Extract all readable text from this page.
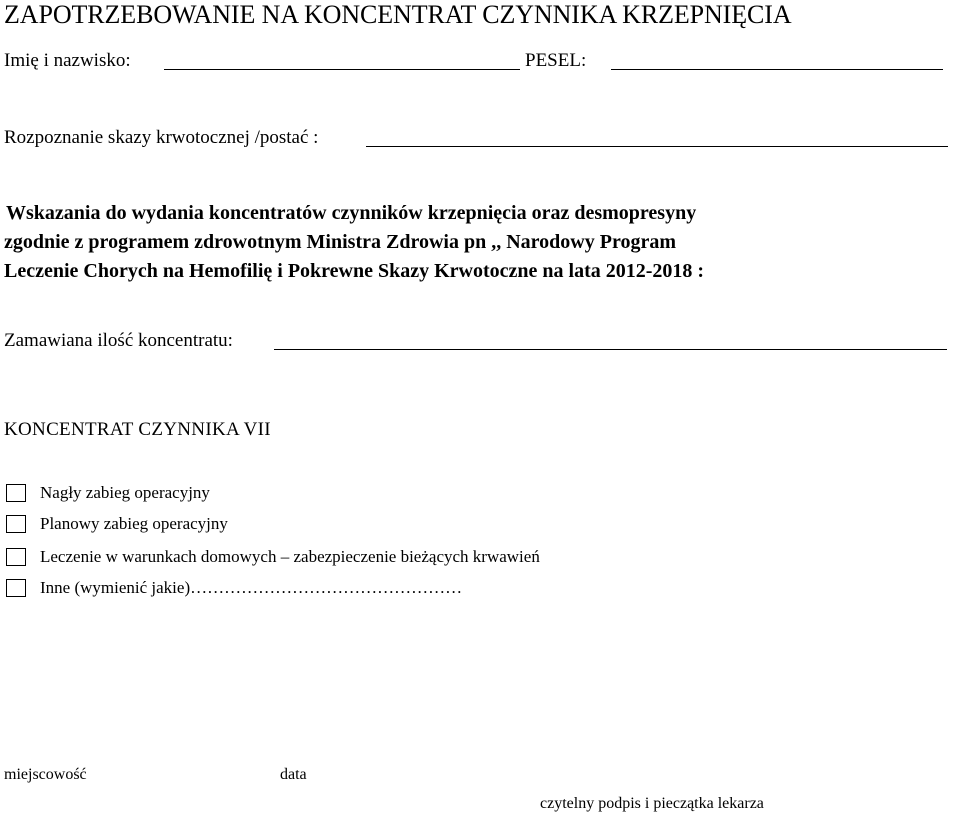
ZAPOTRZEBOWANIE NA KONCENTRAT CZYNNIKA KRZEPNIĘCIA
Imię i nazwisko:	PESEL:
Rozpoznanie skazy krwotocznej /postać :
Wskazania do wydania koncentratów czynników krzepnięcia oraz desmopresyny
zgodnie z programem zdrowotnym Ministra Zdrowia pn ,, Narodowy Program
Leczenie Chorych na Hemofilię i Pokrewne Skazy Krwotoczne na lata 2012-2018 :
Zamawiana ilość koncentratu:
KONCENTRAT CZYNNIKA VII
Nagły zabieg operacyjny
Planowy zabieg operacyjny
Leczenie w warunkach domowych – zabezpieczenie bieżących krwawień
Inne (wymienić jakie)…………………………………………
miejscowość	data
czytelny podpis i pieczątka lekarza
